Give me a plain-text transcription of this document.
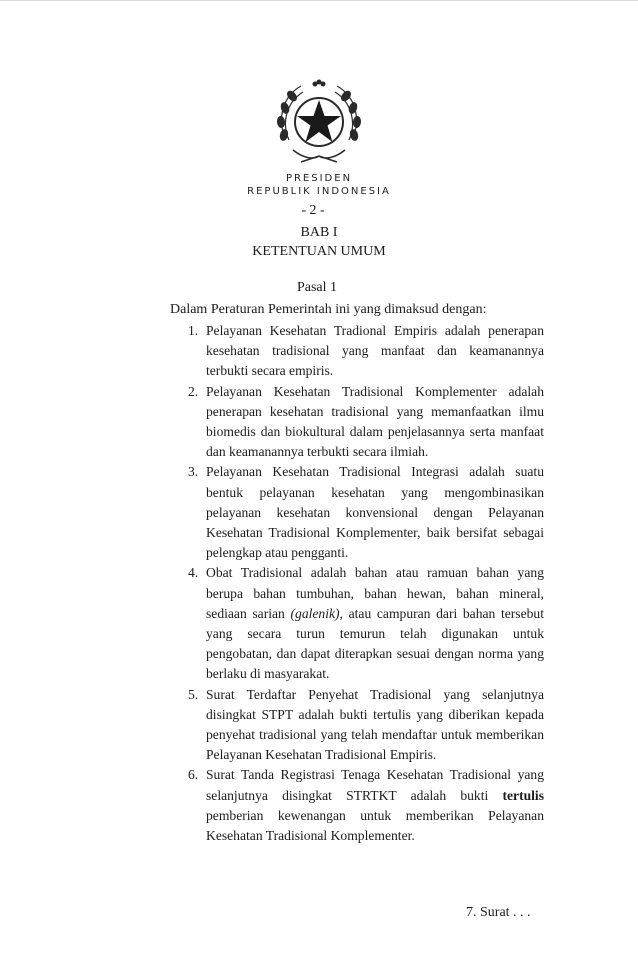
PRESIDEN
REPUBLIK INDONESIA
- 2 -
BAB I
KETENTUAN UMUM
Pasal 1
Dalam Peraturan Pemerintah ini yang dimaksud dengan:
1. Pelayanan Kesehatan Tradional Empiris adalah penerapan kesehatan tradisional yang manfaat dan keamanannya terbukti secara empiris.
2. Pelayanan Kesehatan Tradisional Komplementer adalah penerapan kesehatan tradisional yang memanfaatkan ilmu biomedis dan biokultural dalam penjelasannya serta manfaat dan keamanannya terbukti secara ilmiah.
3. Pelayanan Kesehatan Tradisional Integrasi adalah suatu bentuk pelayanan kesehatan yang mengombinasikan pelayanan kesehatan konvensional dengan Pelayanan Kesehatan Tradisional Komplementer, baik bersifat sebagai pelengkap atau pengganti.
4. Obat Tradisional adalah bahan atau ramuan bahan yang berupa bahan tumbuhan, bahan hewan, bahan mineral, sediaan sarian (galenik), atau campuran dari bahan tersebut yang secara turun temurun telah digunakan untuk pengobatan, dan dapat diterapkan sesuai dengan norma yang berlaku di masyarakat.
5. Surat Terdaftar Penyehat Tradisional yang selanjutnya disingkat STPT adalah bukti tertulis yang diberikan kepada penyehat tradisional yang telah mendaftar untuk memberikan Pelayanan Kesehatan Tradisional Empiris.
6. Surat Tanda Registrasi Tenaga Kesehatan Tradisional yang selanjutnya disingkat STRTKT adalah bukti tertulis pemberian kewenangan untuk memberikan Pelayanan Kesehatan Tradisional Komplementer.
7. Surat . . .
